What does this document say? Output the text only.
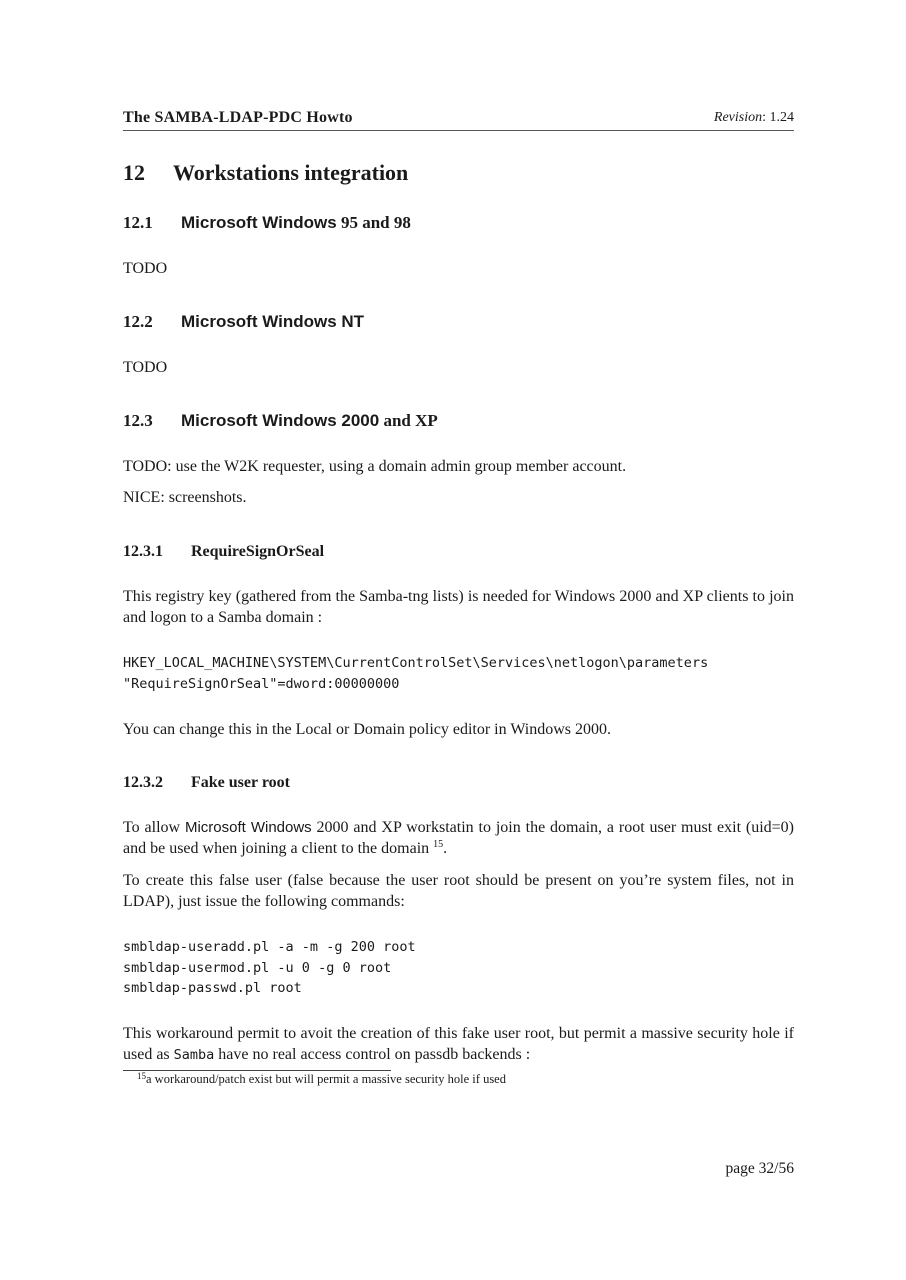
The SAMBA-LDAP-PDC Howto	Revision: 1.24
12 Workstations integration
12.1 Microsoft Windows 95 and 98
TODO
12.2 Microsoft Windows NT
TODO
12.3 Microsoft Windows 2000 and XP
TODO: use the W2K requester, using a domain admin group member account.
NICE: screenshots.
12.3.1 RequireSignOrSeal
This registry key (gathered from the Samba-tng lists) is needed for Windows 2000 and XP clients to join and logon to a Samba domain :
HKEY_LOCAL_MACHINE\SYSTEM\CurrentControlSet\Services\netlogon\parameters
"RequireSignOrSeal"=dword:00000000
You can change this in the Local or Domain policy editor in Windows 2000.
12.3.2 Fake user root
To allow Microsoft Windows 2000 and XP workstatin to join the domain, a root user must exit (uid=0) and be used when joining a client to the domain $^{15}$.
To create this false user (false because the user root should be present on you’re system files, not in LDAP), just issue the following commands:
smbldap-useradd.pl -a -m -g 200 root
smbldap-usermod.pl -u 0 -g 0 root
smbldap-passwd.pl root
This workaround permit to avoit the creation of this fake user root, but permit a massive security hole if used as Samba have no real access control on passdb backends :
$^{15}$a workaround/patch exist but will permit a massive security hole if used
page 32/56
